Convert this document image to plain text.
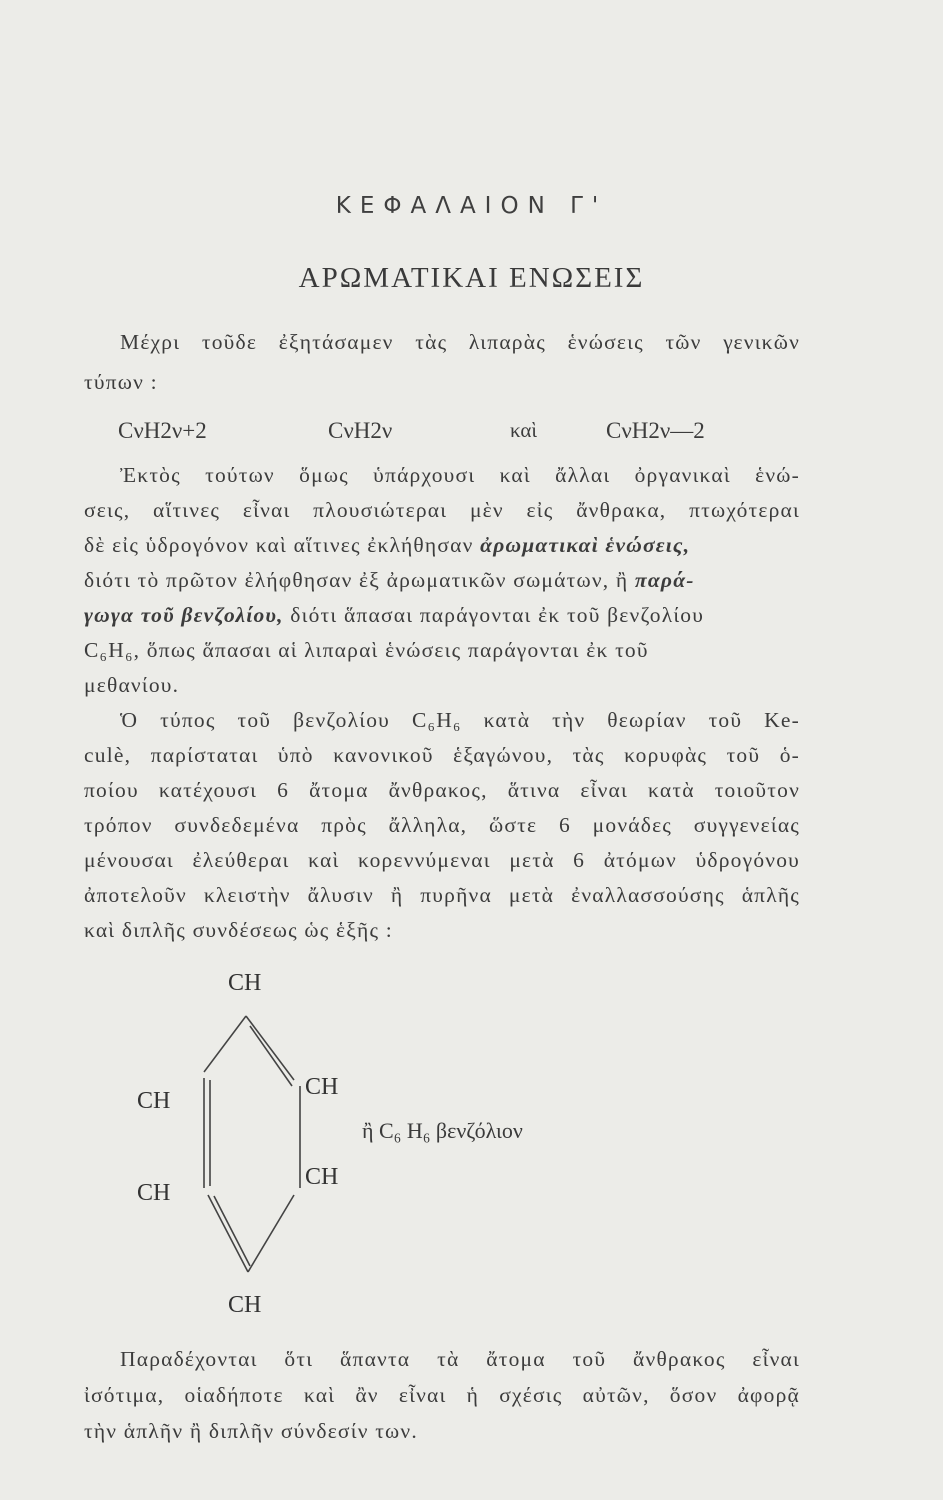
ΚΕΦΑΛΑΙΟΝ Γ'
ΑΡΩΜΑΤΙΚΑΙ ΕΝΩΣΕΙΣ
Μέχρι τοῦδε ἐξητάσαμεν τὰς λιπαρὰς ἑνώσεις τῶν γενικῶν
τύπων :
CνH2ν+2	CνH2ν	καὶ	CνH2ν—2
Ἐκτὸς τούτων ὅμως ὑπάρχουσι καὶ ἄλλαι ὀργανικαὶ ἑνώ-
σεις, αἵτινες εἶναι πλουσιώτεραι μὲν εἰς ἄνθρακα, πτωχότεραι
δὲ εἰς ὑδρογόνον καὶ αἵτινες ἐκλήθησαν ἀρωματικαὶ ἑνώσεις,
διότι τὸ πρῶτον ἐλήφθησαν ἐξ ἀρωματικῶν σωμάτων, ἢ παρά-
γωγα τοῦ βενζολίου, διότι ἅπασαι παράγονται ἐκ τοῦ βενζολίου
C₆H₆, ὅπως ἅπασαι αἱ λιπαραὶ ἑνώσεις παράγονται ἐκ τοῦ
μεθανίου.
Ὁ τύπος τοῦ βενζολίου C₆H₆ κατὰ τὴν θεωρίαν τοῦ Ke-
culè, παρίσταται ὑπὸ κανονικοῦ ἑξαγώνου, τὰς κορυφὰς τοῦ ὁ-
ποίου κατέχουσι 6 ἄτομα ἄνθρακος, ἅτινα εἶναι κατὰ τοιοῦτον
τρόπον συνδεδεμένα πρὸς ἄλληλα, ὥστε 6 μονάδες συγγενείας
μένουσαι ἐλεύθεραι καὶ κορεννύμεναι μετὰ 6 ἀτόμων ὑδρογόνου
ἀποτελοῦν κλειστὴν ἄλυσιν ἢ πυρῆνα μετὰ ἐναλλασσούσης ἁπλῆς
καὶ διπλῆς συνδέσεως ὡς ἑξῆς :
CH
CH
CH
CH
CH
CH
ἢ C₆ H₆ βενζόλιον
Παραδέχονται ὅτι ἅπαντα τὰ ἄτομα τοῦ ἄνθρακος εἶναι
ἰσότιμα, οἱαδήποτε καὶ ἂν εἶναι ἡ σχέσις αὐτῶν, ὅσον ἀφορᾷ
τὴν ἁπλῆν ἢ διπλῆν σύνδεσίν των.
